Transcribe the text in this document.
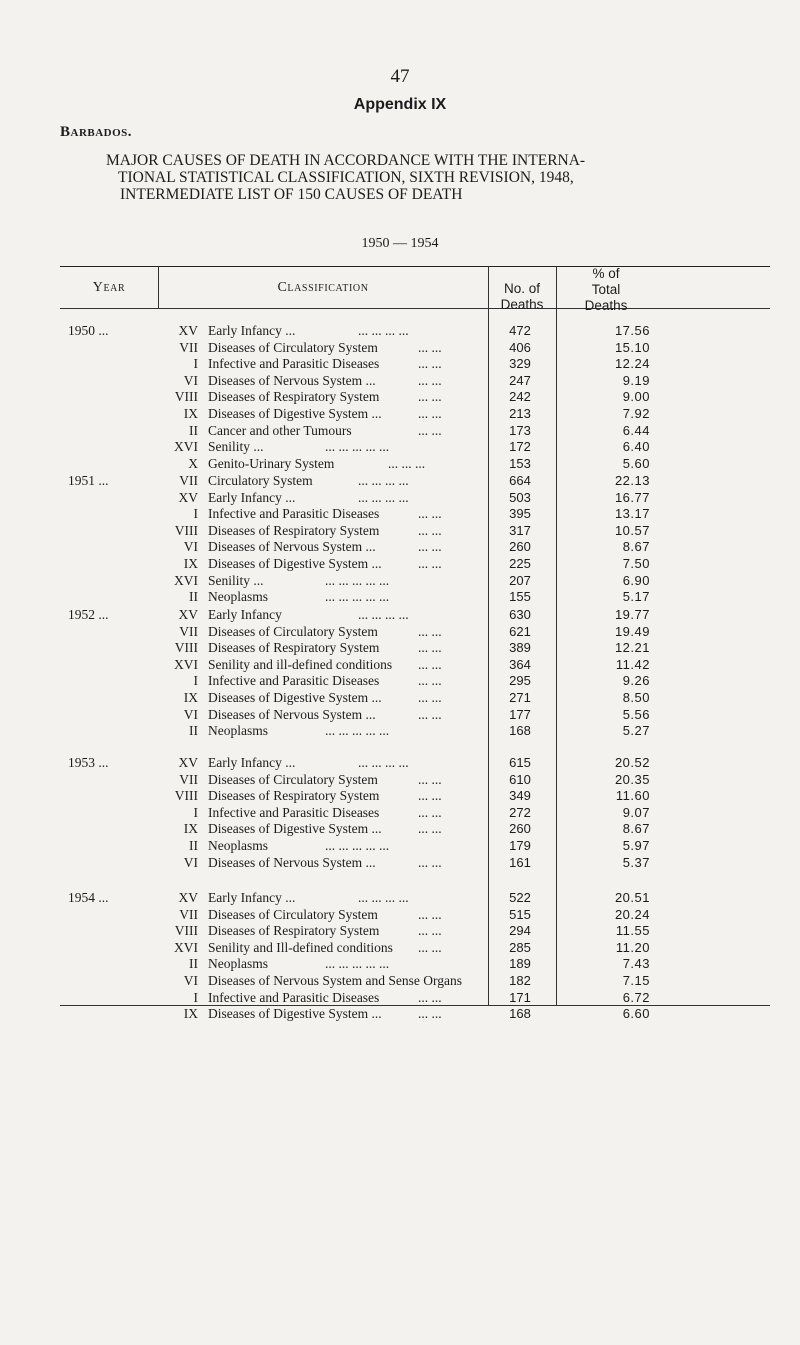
47
Appendix IX
Barbados.
MAJOR CAUSES OF DEATH IN ACCORDANCE WITH THE INTERNA-
TIONAL STATISTICAL CLASSIFICATION, SIXTH REVISION, 1948,
INTERMEDIATE LIST OF 150 CAUSES OF DEATH
1950 — 1954
Year	Classification	No. of
Deaths
% of
Total
Deaths
1950 ...	XV Early Infancy ...	... ... ... ...	472	17.56
VII Diseases of Circulatory System	... ...	406	15.10
I Infective and Parasitic Diseases	... ...	329	12.24
VI Diseases of Nervous System ...	... ...	247	9.19
VIII Diseases of Respiratory System	... ...	242	9.00
IX Diseases of Digestive System ...	... ...	213	7.92
II Cancer and other Tumours	... ...	173	6.44
XVI Senility ...	... ... ... ... ...	172	6.40
X Genito-Urinary System	... ... ...	153	5.60
1951 ...	VII Circulatory System	... ... ... ...	664	22.13
XV Early Infancy ...	... ... ... ...	503	16.77
I Infective and Parasitic Diseases	... ...	395	13.17
VIII Diseases of Respiratory System	... ...	317	10.57
VI Diseases of Nervous System ...	... ...	260	8.67
IX Diseases of Digestive System ...	... ...	225	7.50
XVI Senility ...	... ... ... ... ...	207	6.90
II Neoplasms	... ... ... ... ...	155	5.17
1952 ...	XV Early Infancy	... ... ... ...	630	19.77
VII Diseases of Circulatory System	... ...	621	19.49
VIII Diseases of Respiratory System	... ...	389	12.21
XVI Senility and ill-defined conditions ... ...	364	11.42
I Infective and Parasitic Diseases	... ...	295	9.26
IX Diseases of Digestive System ...	... ...	271	8.50
VI Diseases of Nervous System ...	... ...	177	5.56
II Neoplasms	... ... ... ... ...	168	5.27
1953 ...	XV Early Infancy ...	... ... ... ...	615	20.52
VII Diseases of Circulatory System	... ...	610	20.35
VIII Diseases of Respiratory System	... ...	349	11.60
I Infective and Parasitic Diseases	... ...	272	9.07
IX Diseases of Digestive System ...	... ...	260	8.67
II Neoplasms	... ... ... ... ...	179	5.97
VI Diseases of Nervous System ...	... ...	161	5.37
1954 ...	XV Early Infancy ...	... ... ... ...	522	20.51
VII Diseases of Circulatory System	... ...	515	20.24
VIII Diseases of Respiratory System	... ...	294	11.55
XVI Senility and Ill-defined conditions ... ...	285	11.20
II Neoplasms	... ... ... ... ...	189	7.43
VI Diseases of Nervous System and Sense Organs	182	7.15
I Infective and Parasitic Diseases	... ...	171	6.72
IX Diseases of Digestive System ...	... ...	168	6.60
